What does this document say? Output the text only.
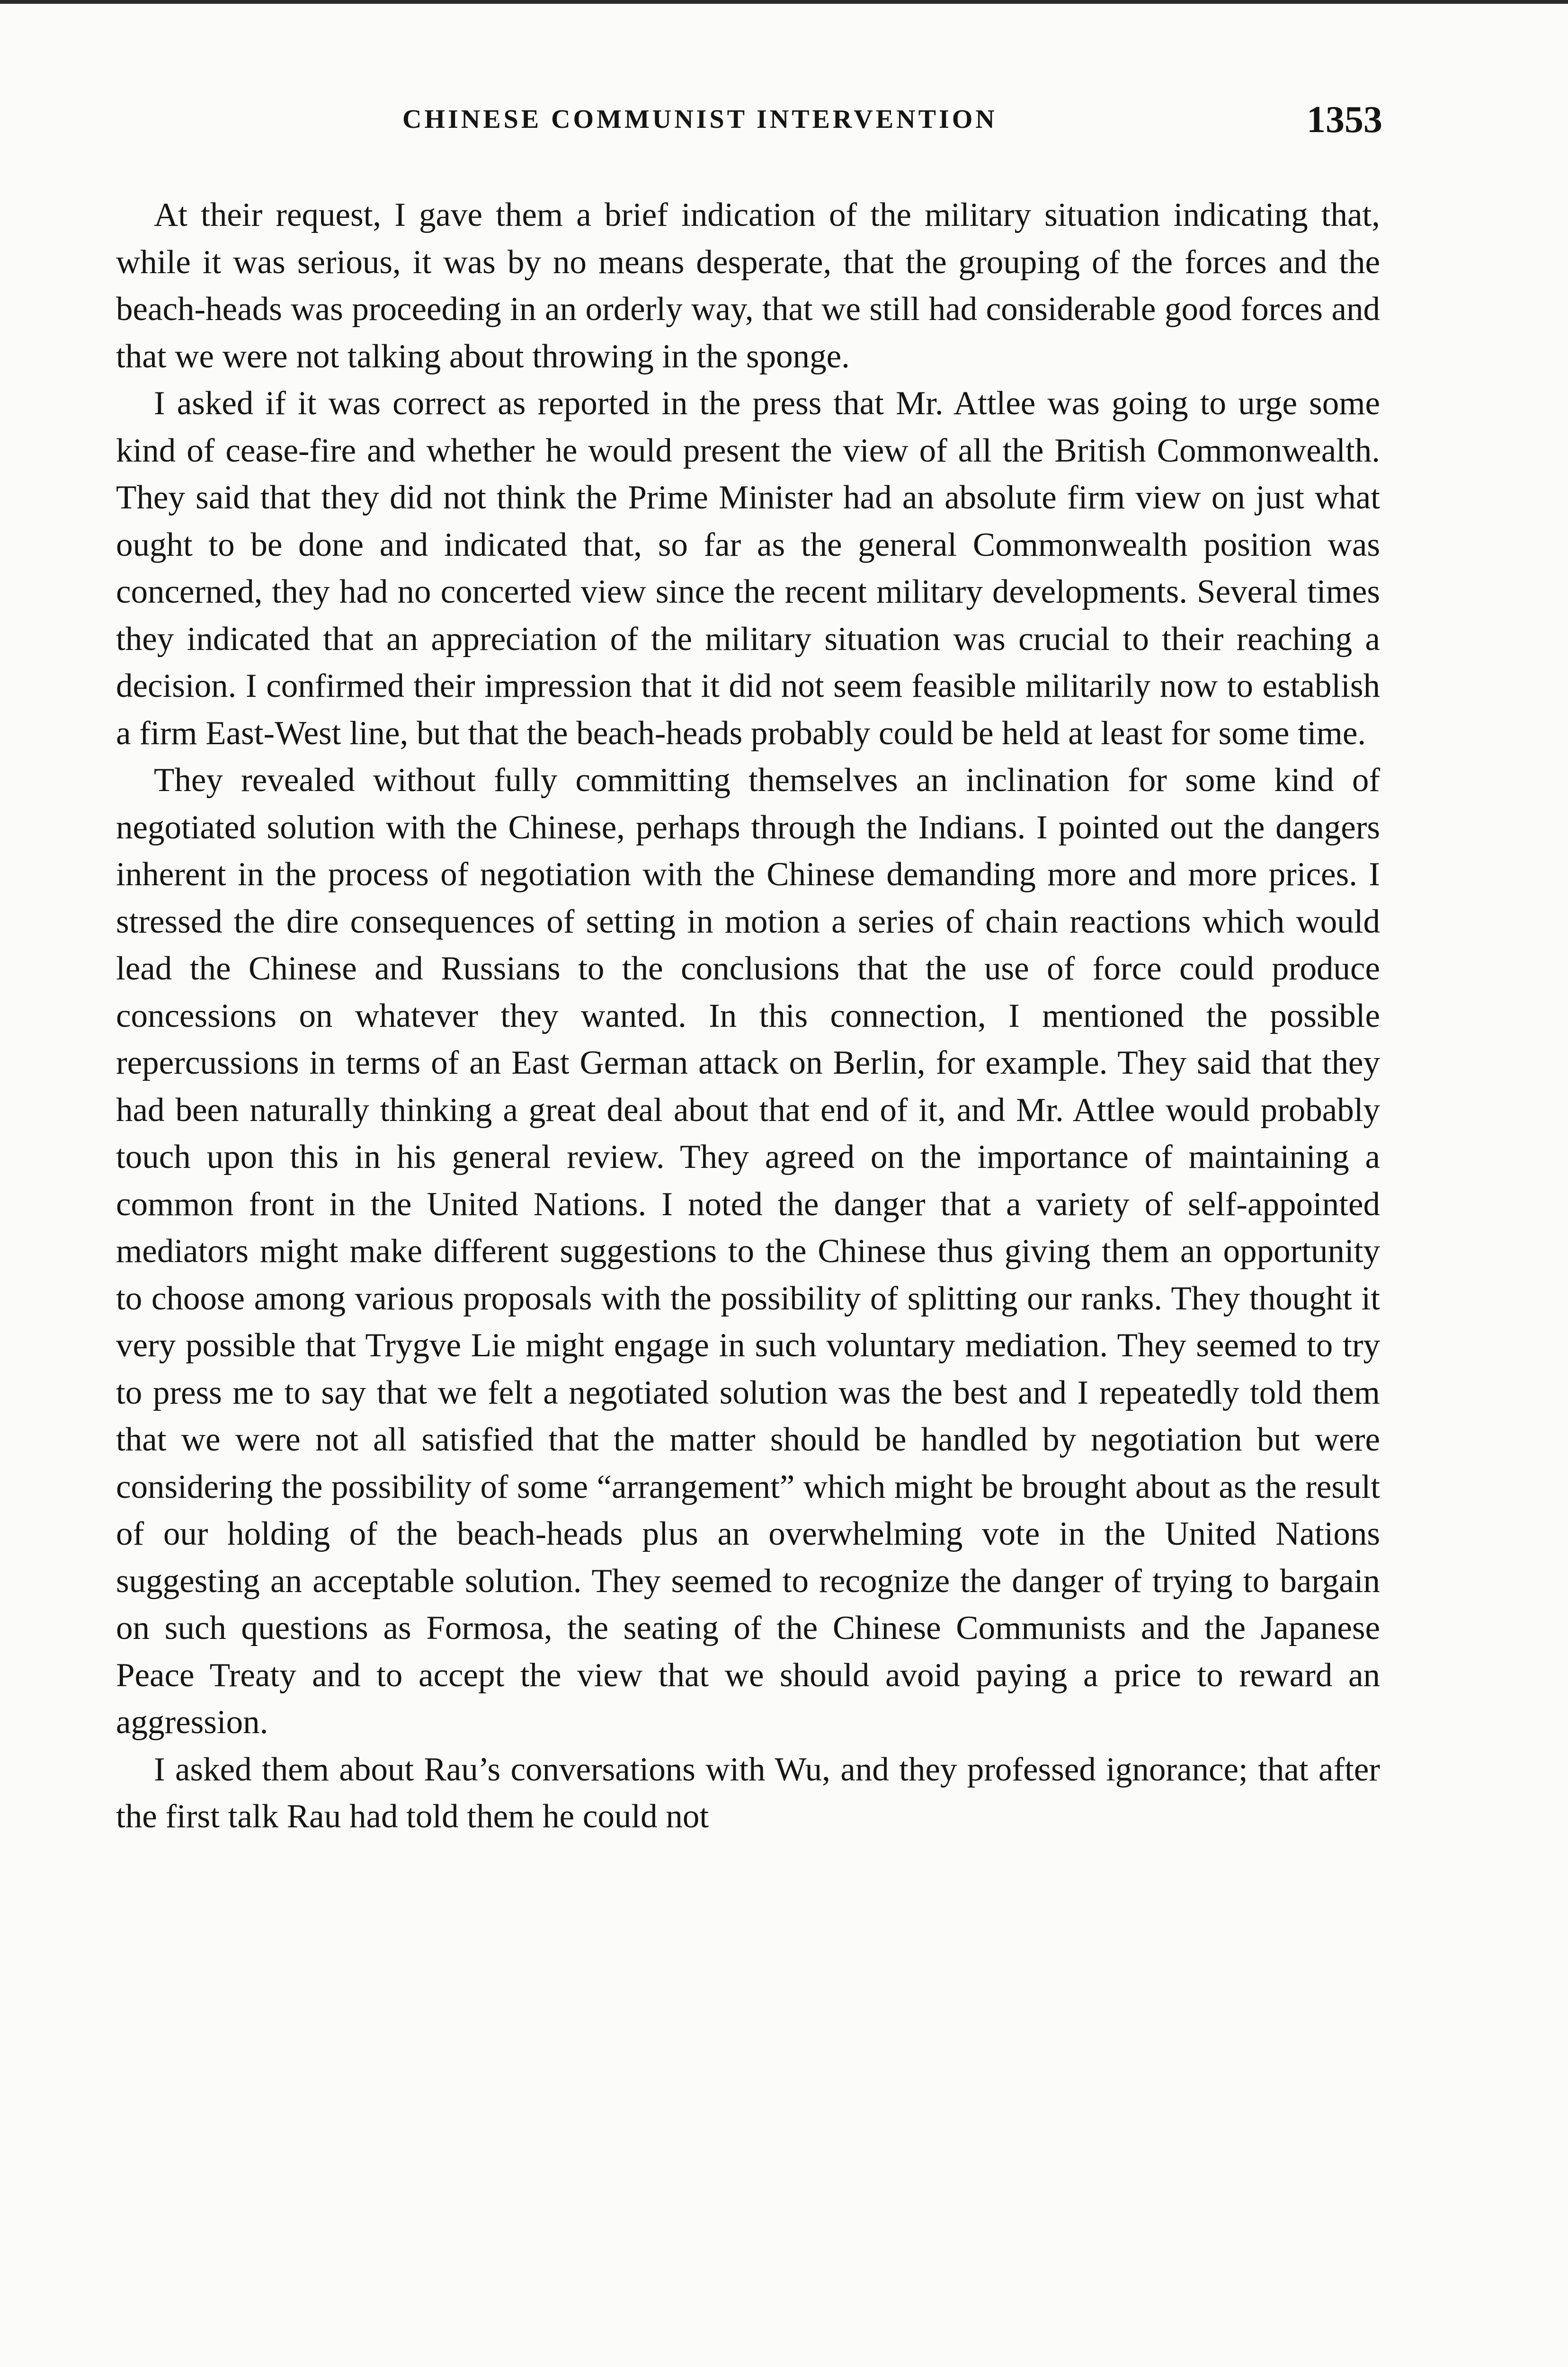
CHINESE COMMUNIST INTERVENTION	1353

At their request, I gave them a brief indication of the military situation indicating that, while it was serious, it was by no means desperate, that the grouping of the forces and the beach-heads was proceeding in an orderly way, that we still had considerable good forces and that we were not talking about throwing in the sponge.

I asked if it was correct as reported in the press that Mr. Attlee was going to urge some kind of cease-fire and whether he would present the view of all the British Commonwealth. They said that they did not think the Prime Minister had an absolute firm view on just what ought to be done and indicated that, so far as the general Commonwealth position was concerned, they had no concerted view since the recent military developments. Several times they indicated that an appreciation of the military situation was crucial to their reaching a decision. I confirmed their impression that it did not seem feasible militarily now to establish a firm East-West line, but that the beach-heads probably could be held at least for some time.

They revealed without fully committing themselves an inclination for some kind of negotiated solution with the Chinese, perhaps through the Indians. I pointed out the dangers inherent in the process of negotiation with the Chinese demanding more and more prices. I stressed the dire consequences of setting in motion a series of chain reactions which would lead the Chinese and Russians to the conclusions that the use of force could produce concessions on whatever they wanted. In this connection, I mentioned the possible repercussions in terms of an East German attack on Berlin, for example. They said that they had been naturally thinking a great deal about that end of it, and Mr. Attlee would probably touch upon this in his general review. They agreed on the importance of maintaining a common front in the United Nations. I noted the danger that a variety of self-appointed mediators might make different suggestions to the Chinese thus giving them an opportunity to choose among various proposals with the possibility of splitting our ranks. They thought it very possible that Trygve Lie might engage in such voluntary mediation. They seemed to try to press me to say that we felt a negotiated solution was the best and I repeatedly told them that we were not all satisfied that the matter should be handled by negotiation but were considering the possibility of some “arrangement” which might be brought about as the result of our holding of the beach-heads plus an overwhelming vote in the United Nations suggesting an acceptable solution. They seemed to recognize the danger of trying to bargain on such questions as Formosa, the seating of the Chinese Communists and the Japanese Peace Treaty and to accept the view that we should avoid paying a price to reward an aggression.

I asked them about Rau’s conversations with Wu, and they professed ignorance; that after the first talk Rau had told them he could not
